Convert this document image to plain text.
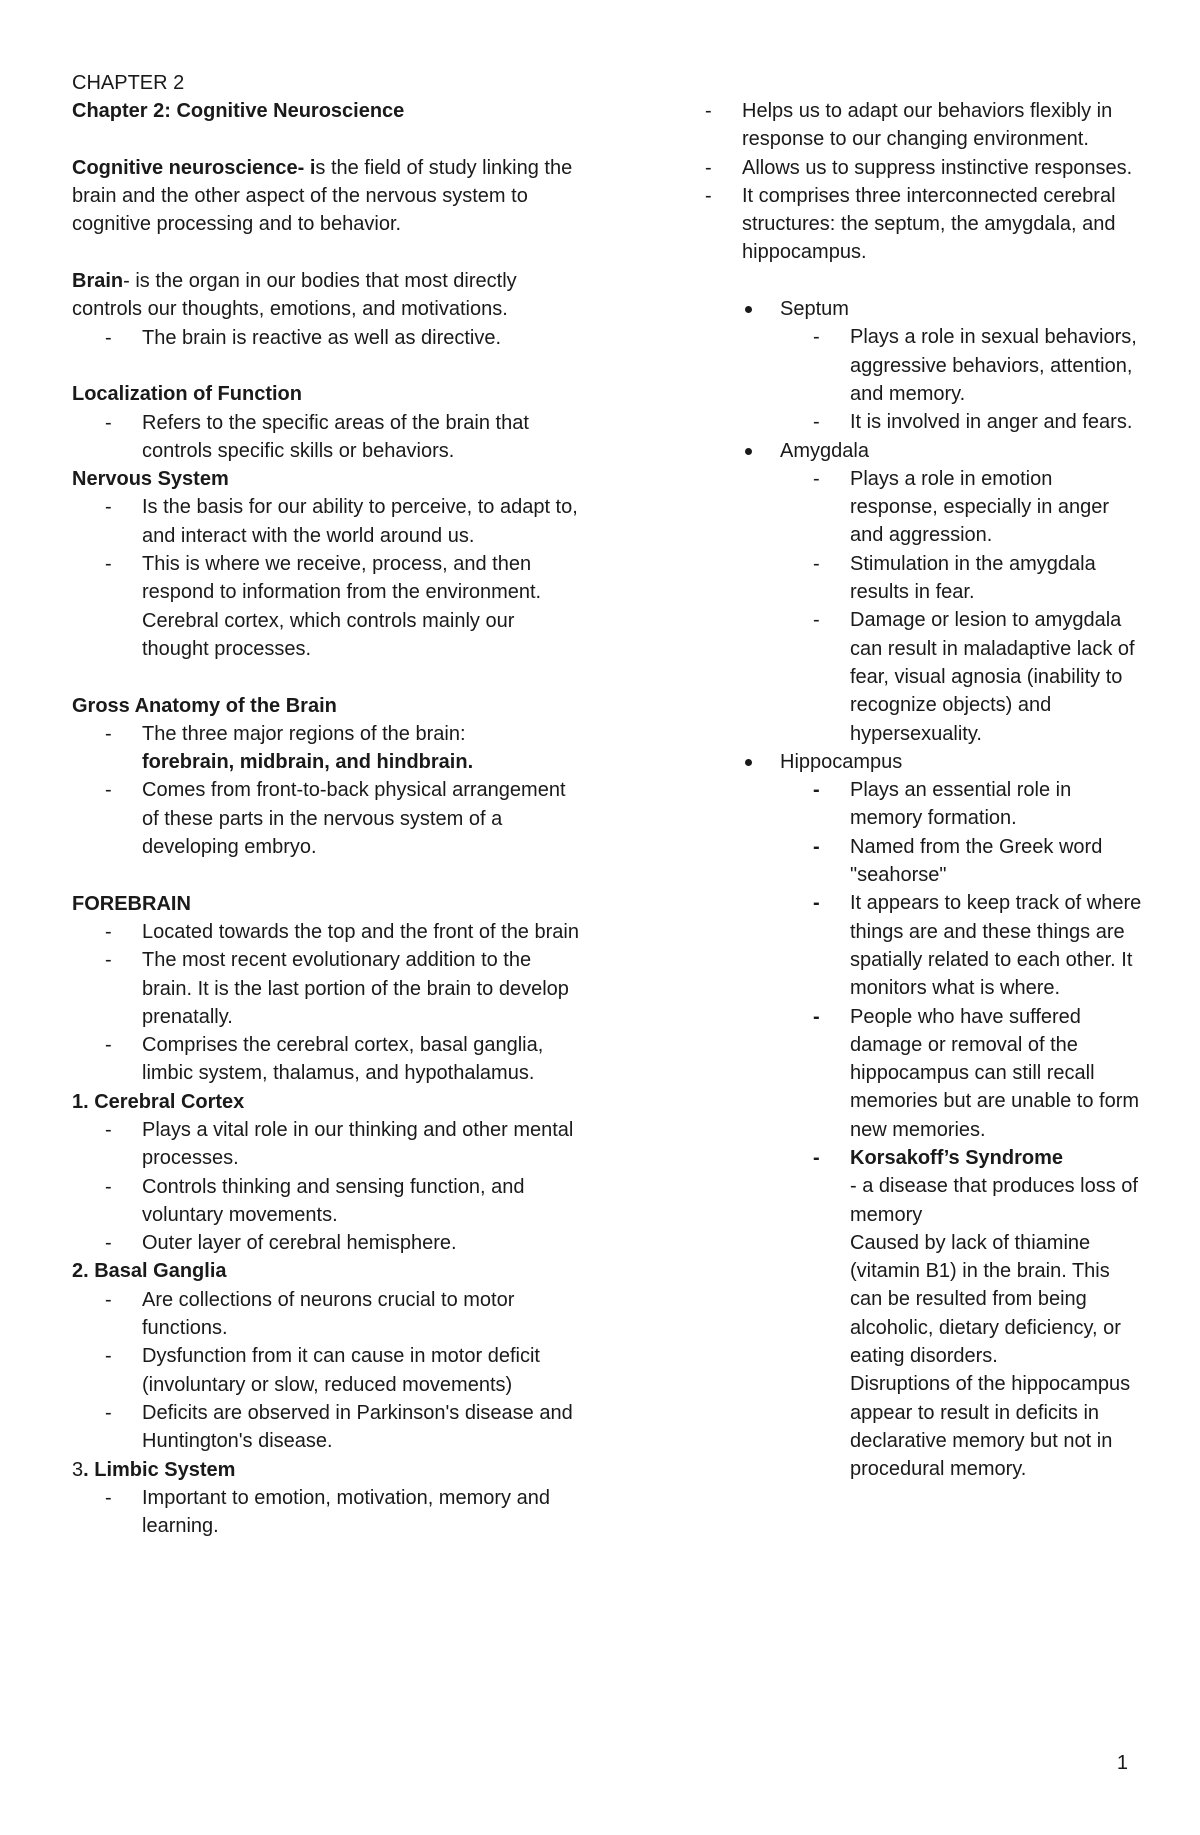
CHAPTER 2

Chapter 2: Cognitive Neuroscience

Cognitive neuroscience- is the field of study linking the brain and the other aspect of the nervous system to cognitive processing and to behavior.

Brain- is the organ in our bodies that most directly controls our thoughts, emotions, and motivations.

- The brain is reactive as well as directive.

Localization of Function

- Refers to the specific areas of the brain that controls specific skills or behaviors.

Nervous System

- Is the basis for our ability to perceive, to adapt to, and interact with the world around us.
- This is where we receive, process, and then respond to information from the environment.

Cerebral cortex, which controls mainly our thought processes.

Gross Anatomy of the Brain

- The three major regions of the brain:
forebrain, midbrain, and hindbrain.
- Comes from front-to-back physical arrangement of these parts in the nervous system of a developing embryo.

FOREBRAIN

- Located towards the top and the front of the brain
- The most recent evolutionary addition to the brain. It is the last portion of the brain to develop prenatally.
- Comprises the cerebral cortex, basal ganglia, limbic system, thalamus, and hypothalamus.

1. Cerebral Cortex

- Plays a vital role in our thinking and other mental processes.
- Controls thinking and sensing function, and voluntary movements.
- Outer layer of cerebral hemisphere.

2. Basal Ganglia

- Are collections of neurons crucial to motor functions.
- Dysfunction from it can cause in motor deficit (involuntary or slow, reduced movements)
- Deficits are observed in Parkinson's disease and Huntington's disease.

3. Limbic System

- Important to emotion, motivation, memory and learning.
- Helps us to adapt our behaviors flexibly in response to our changing environment.
- Allows us to suppress instinctive responses.
- It comprises three interconnected cerebral structures: the septum, the amygdala, and hippocampus.

Septum

- Plays a role in sexual behaviors, aggressive behaviors, attention, and memory.
- It is involved in anger and fears.

Amygdala

- Plays a role in emotion response, especially in anger and aggression.
- Stimulation in the amygdala results in fear.
- Damage or lesion to amygdala can result in maladaptive lack of fear, visual agnosia (inability to recognize objects) and hypersexuality.

Hippocampus

- Plays an essential role in memory formation.
- Named from the Greek word "seahorse"
- It appears to keep track of where things are and these things are spatially related to each other. It monitors what is where.
- People who have suffered damage or removal of the hippocampus can still recall memories but are unable to form new memories.
- Korsakoff’s Syndrome

- a disease that produces loss of memory

Caused by lack of thiamine (vitamin B1) in the brain. This can be resulted from being alcoholic, dietary deficiency, or eating disorders.

Disruptions of the hippocampus appear to result in deficits in declarative memory but not in procedural memory.

1
